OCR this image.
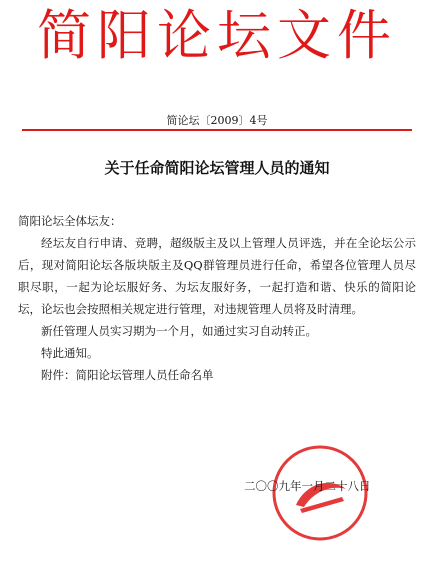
简阳论坛文件
简论坛〔2009〕4号
关于任命简阳论坛管理人员的通知

简阳论坛全体坛友：

经坛友自行申请、竞聘，超级版主及以上管理人员评选，并在全论坛公示后，现对简阳论坛各版块版主及QQ群管理员进行任命，希望各位管理人员尽职尽职，一起为论坛服好务、为坛友服好务，一起打造和谐、快乐的简阳论坛，论坛也会按照相关规定进行管理，对违规管理人员将及时清理。

新任管理人员实习期为一个月，如通过实习自动转正。

特此通知。

附件：简阳论坛管理人员任命名单

二〇〇九年一月二十八日
